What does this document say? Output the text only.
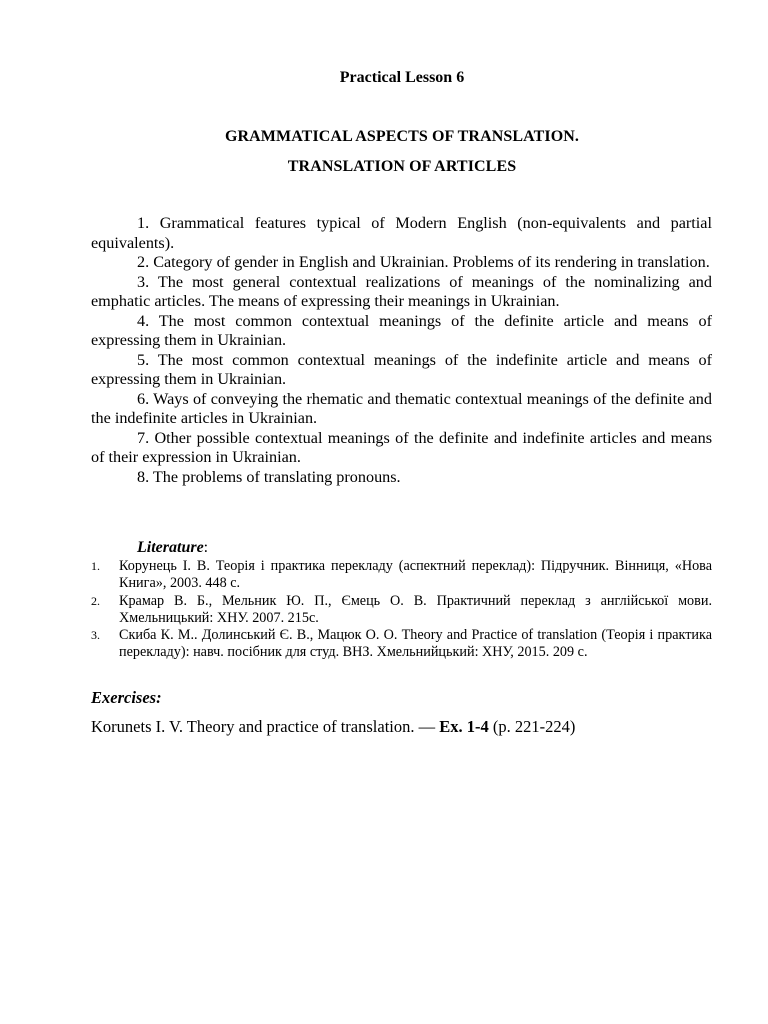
Practical Lesson 6
GRAMMATICAL ASPECTS OF TRANSLATION.
TRANSLATION OF ARTICLES

1. Grammatical features typical of Modern English (non-equivalents and partial equivalents).

2. Category of gender in English and Ukrainian. Problems of its rendering in translation.

3. The most general contextual realizations of meanings of the nominalizing and emphatic articles. The means of expressing their meanings in Ukrainian.

4. The most common contextual meanings of the definite article and means of expressing them in Ukrainian.

5. The most common contextual meanings of the indefinite article and means of expressing them in Ukrainian.

6. Ways of conveying the rhematic and thematic contextual meanings of the definite and the indefinite articles in Ukrainian.

7. Other possible contextual meanings of the definite and indefinite articles and means of their expression in Ukrainian.

8. The problems of translating pronouns.

Literature:
1. Корунець І. В. Теорія і практика перекладу (аспектний переклад): Підручник. Вінниця, «Нова Книга», 2003. 448 с.
2. Крамар В. Б., Мельник Ю. П., Ємець О. В. Практичний переклад з англійської мови. Хмельницький: ХНУ. 2007. 215с.
3. Скиба К. М.. Долинський Є. В., Мацюк О. О. Theory and Practice of translation (Теорія і практика перекладу): навч. посібник для студ. ВНЗ. Хмельнийцький: ХНУ, 2015. 209 с.
Exercises:
Korunets I. V. Theory and practice of translation. — Ex. 1-4 (p. 221-224)
